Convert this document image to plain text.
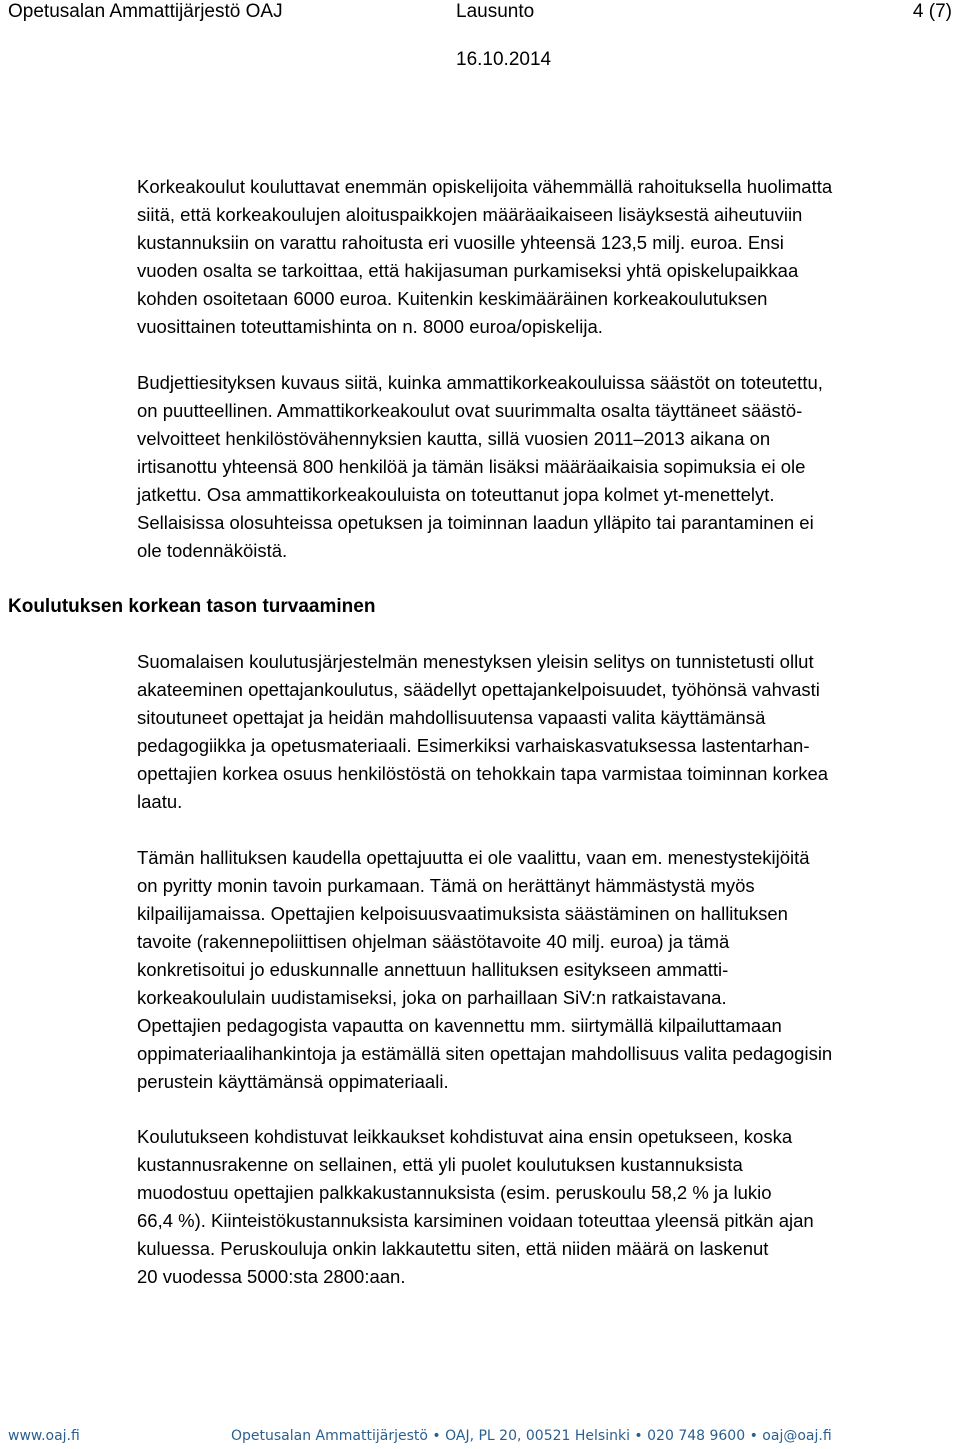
Opetusalan Ammattijärjestö OAJ	Lausunto	4 (7)
16.10.2014

Korkeakoulut kouluttavat enemmän opiskelijoita vähemmällä rahoituksella huolimatta
siitä, että korkeakoulujen aloituspaikkojen määräaikaiseen lisäyksestä aiheutuviin
kustannuksiin on varattu rahoitusta eri vuosille yhteensä 123,5 milj. euroa. Ensi
vuoden osalta se tarkoittaa, että hakijasuman purkamiseksi yhtä opiskelupaikkaa
kohden osoitetaan 6000 euroa. Kuitenkin keskimääräinen korkeakoulutuksen
vuosittainen toteuttamishinta on n. 8000 euroa/opiskelija.

Budjettiesityksen kuvaus siitä, kuinka ammattikorkeakouluissa säästöt on toteutettu,
on puutteellinen. Ammattikorkeakoulut ovat suurimmalta osalta täyttäneet säästö-
velvoitteet henkilöstövähennyksien kautta, sillä vuosien 2011–2013 aikana on
irtisanottu yhteensä 800 henkilöä ja tämän lisäksi määräaikaisia sopimuksia ei ole
jatkettu. Osa ammattikorkeakouluista on toteuttanut jopa kolmet yt-menettelyt.
Sellaisissa olosuhteissa opetuksen ja toiminnan laadun ylläpito tai parantaminen ei
ole todennäköistä.

Koulutuksen korkean tason turvaaminen

Suomalaisen koulutusjärjestelmän menestyksen yleisin selitys on tunnistetusti ollut
akateeminen opettajankoulutus, säädellyt opettajankelpoisuudet, työhönsä vahvasti
sitoutuneet opettajat ja heidän mahdollisuutensa vapaasti valita käyttämänsä
pedagogiikka ja opetusmateriaali. Esimerkiksi varhaiskasvatuksessa lastentarhan-
opettajien korkea osuus henkilöstöstä on tehokkain tapa varmistaa toiminnan korkea
laatu.

Tämän hallituksen kaudella opettajuutta ei ole vaalittu, vaan em. menestystekijöitä
on pyritty monin tavoin purkamaan. Tämä on herättänyt hämmästystä myös
kilpailijamaissa. Opettajien kelpoisuusvaatimuksista säästäminen on hallituksen
tavoite (rakennepoliittisen ohjelman säästötavoite 40 milj. euroa) ja tämä
konkretisoitui jo eduskunnalle annettuun hallituksen esitykseen ammatti-
korkeakoululain uudistamiseksi, joka on parhaillaan SiV:n ratkaistavana.
Opettajien pedagogista vapautta on kavennettu mm. siirtymällä kilpailuttamaan
oppimateriaalihankintoja ja estämällä siten opettajan mahdollisuus valita pedagogisin
perustein käyttämänsä oppimateriaali.

Koulutukseen kohdistuvat leikkaukset kohdistuvat aina ensin opetukseen, koska
kustannusrakenne on sellainen, että yli puolet koulutuksen kustannuksista
muodostuu opettajien palkkakustannuksista (esim. peruskoulu 58,2 % ja lukio
66,4 %). Kiinteistökustannuksista karsiminen voidaan toteuttaa yleensä pitkän ajan
kuluessa. Peruskouluja onkin lakkautettu siten, että niiden määrä on laskenut
20 vuodessa 5000:sta 2800:aan.

www.oaj.fi	Opetusalan Ammattijärjestö • OAJ, PL 20, 00521 Helsinki • 020 748 9600 • oaj@oaj.fi
